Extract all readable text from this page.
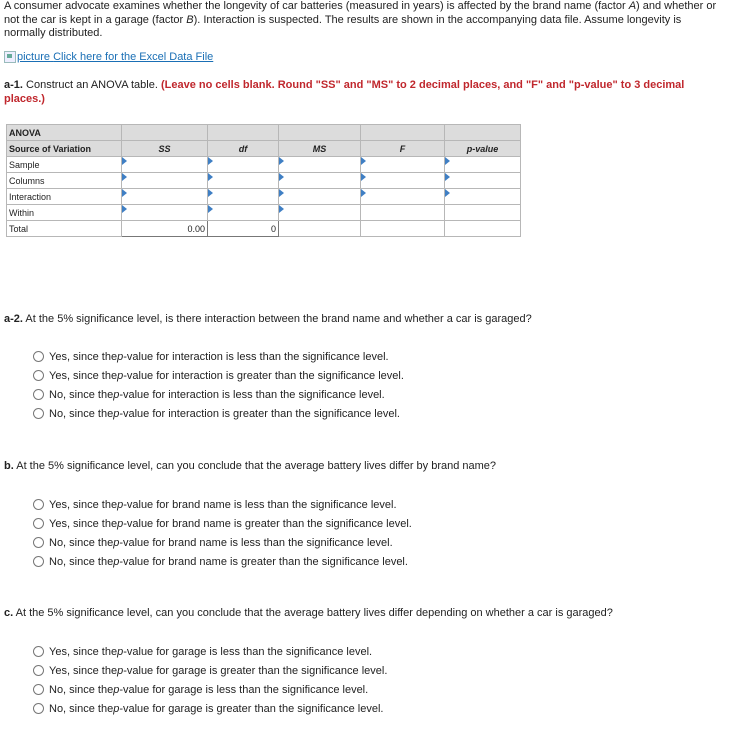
A consumer advocate examines whether the longevity of car batteries (measured in years) is affected by the brand name (factor A) and whether or not the car is kept in a garage (factor B). Interaction is suspected. The results are shown in the accompanying data file. Assume longevity is normally distributed.
picture
Click here for the Excel Data File
a-1. Construct an ANOVA table. (Leave no cells blank. Round "SS" and "MS" to 2 decimal places, and "F" and "p-value" to 3 decimal places.)
ANOVA					
Source of Variation	SS	df	MS	F	p-value
Sample	

Columns	

Interaction	

Within	

Total	0.00	0			
a-2. At the 5% significance level, is there interaction between the brand name and whether a car is garaged?
Yes, since the p -value for interaction is less than the significance level.
Yes, since the p -value for interaction is greater than the significance level.
No, since the p -value for interaction is less than the significance level.
No, since the p -value for interaction is greater than the significance level.
b. At the 5% significance level, can you conclude that the average battery lives differ by brand name?
Yes, since the p -value for brand name is less than the significance level.
Yes, since the p -value for brand name is greater than the significance level.
No, since the p -value for brand name is less than the significance level.
No, since the p -value for brand name is greater than the significance level.
c. At the 5% significance level, can you conclude that the average battery lives differ depending on whether a car is garaged?
Yes, since the p -value for garage is less than the significance level.
Yes, since the p -value for garage is greater than the significance level.
No, since the p -value for garage is less than the significance level.
No, since the p -value for garage is greater than the significance level.
